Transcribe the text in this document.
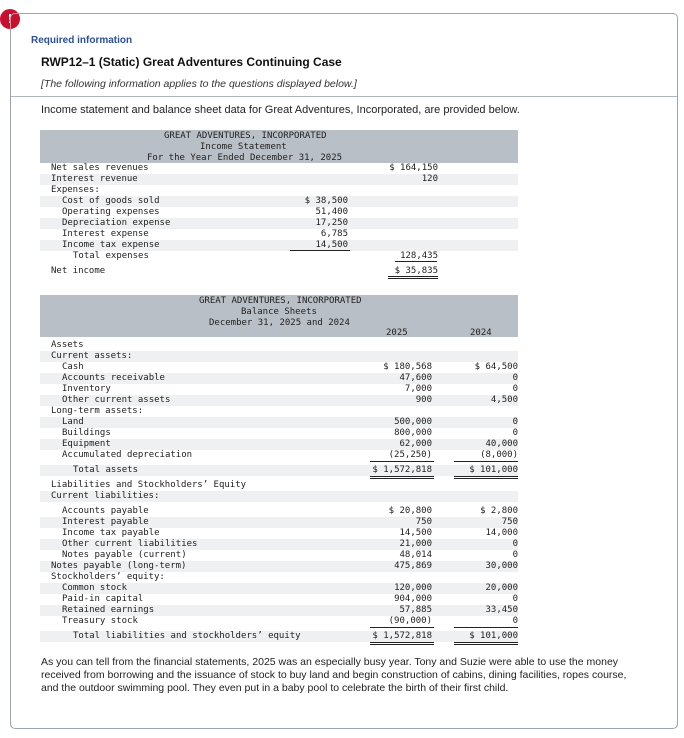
!
Required information
RWP12–1 (Static) Great Adventures Continuing Case
[The following information applies to the questions displayed below.]
Income statement and balance sheet data for Great Adventures, Incorporated, are provided below.
GREAT ADVENTURES, INCORPORATED
Income Statement
For the Year Ended December 31, 2025
Net sales revenues	$ 164,150
Interest revenue	120
Expenses:
Cost of goods sold	$ 38,500
Operating expenses	51,400
Depreciation expense	17,250
Interest expense	6,785
Income tax expense	14,500
Total expenses	128,435
Net income	$ 35,835
GREAT ADVENTURES, INCORPORATED
Balance Sheets
December 31, 2025 and 2024
2025	2024
Assets
Current assets:
Cash	$ 180,568	$ 64,500
Accounts receivable	47,600	0
Inventory	7,000	0
Other current assets	900	4,500
Long-term assets:
Land	500,000	0
Buildings	800,000	0
Equipment	62,000	40,000
Accumulated depreciation	(25,250)	(8,000)
Total assets	$ 1,572,818	$ 101,000
Liabilities and Stockholders’ Equity
Current liabilities:
Accounts payable	$ 20,800	$ 2,800
Interest payable	750	750
Income tax payable	14,500	14,000
Other current liabilities	21,000	0
Notes payable (current)	48,014	0
Notes payable (long-term)	475,869	30,000
Stockholders’ equity:
Common stock	120,000	20,000
Paid-in capital	904,000	0
Retained earnings	57,885	33,450
Treasury stock	(90,000)	0
Total liabilities and stockholders’ equity	$ 1,572,818	$ 101,000
As you can tell from the financial statements, 2025 was an especially busy year. Tony and Suzie were able to use the money received from borrowing and the issuance of stock to buy land and begin construction of cabins, dining facilities, ropes course, and the outdoor swimming pool. They even put in a baby pool to celebrate the birth of their first child.
